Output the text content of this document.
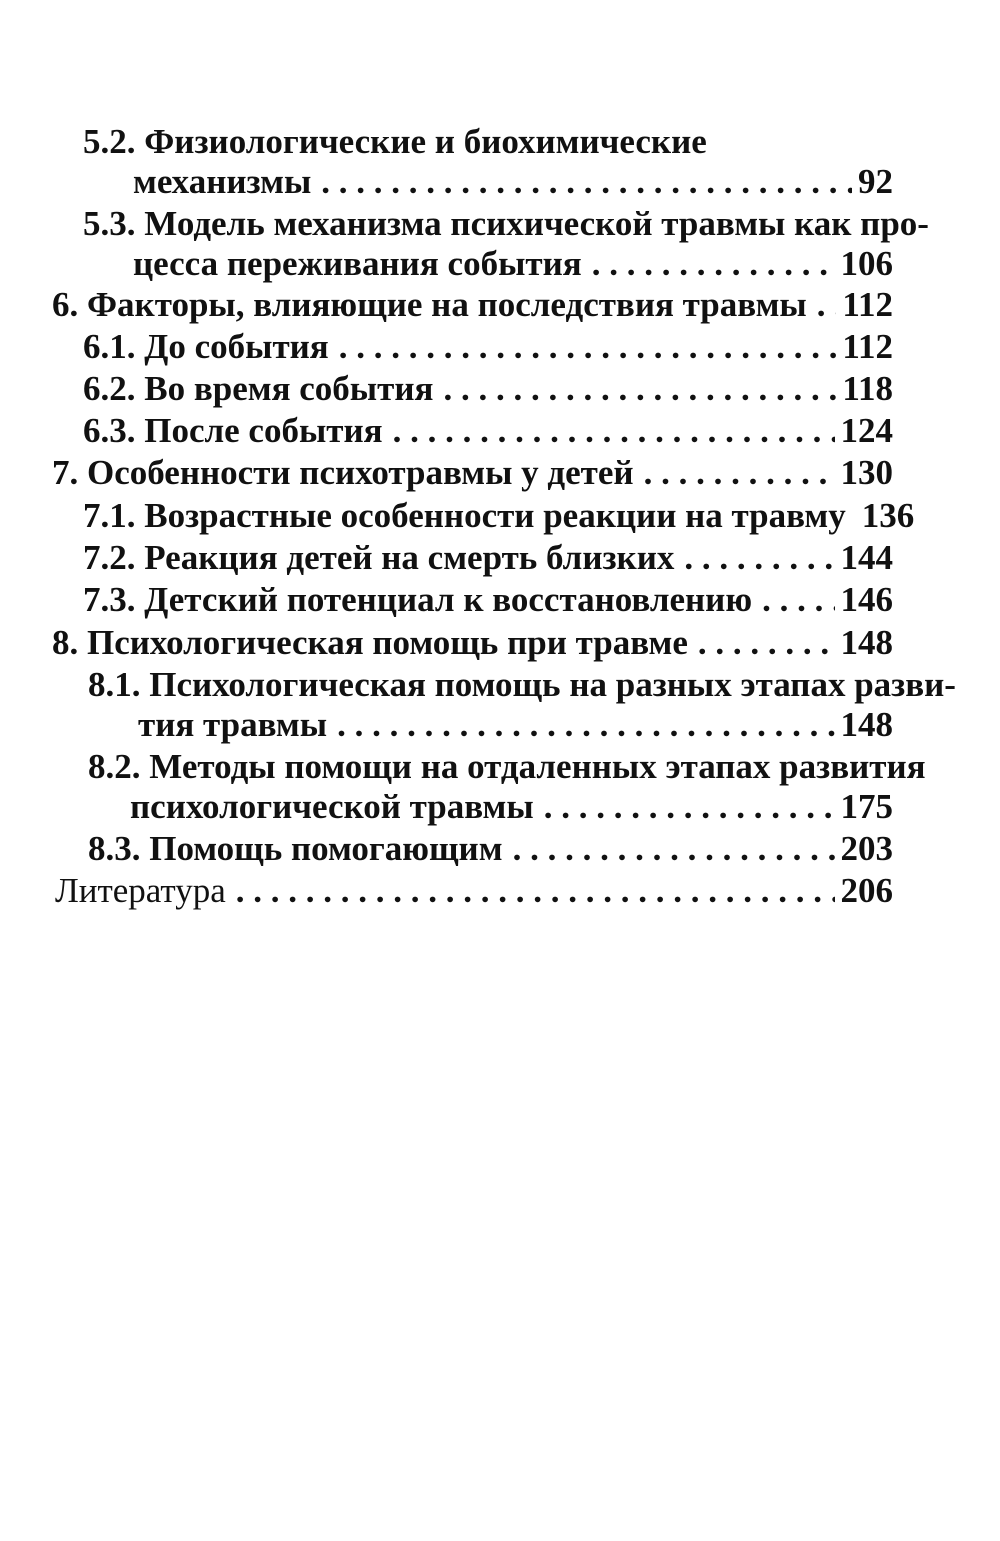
5.2. Физиологические и биохимические
механизмы . . .	92
5.3. Модель механизма психической травмы как про-
цесса переживания события . . .	106
6. Факторы, влияющие на последствия травмы . . . 112
6.1. До события . . .	112
6.2. Во время события . . .	118
6.3. После события . . .	124
7. Особенности психотравмы у детей . . .	130
7.1. Возрастные особенности реакции на травму 136
7.2. Реакция детей на смерть близких . . .	144
7.3. Детский потенциал к восстановлению . . .	146
8. Психологическая помощь при травме . . .	148
8.1. Психологическая помощь на разных этапах разви-
тия травмы . . .	148
8.2. Методы помощи на отдаленных этапах развития
психологической травмы . . .	175
8.3. Помощь помогающим . . .	203
Литература . . .	206
